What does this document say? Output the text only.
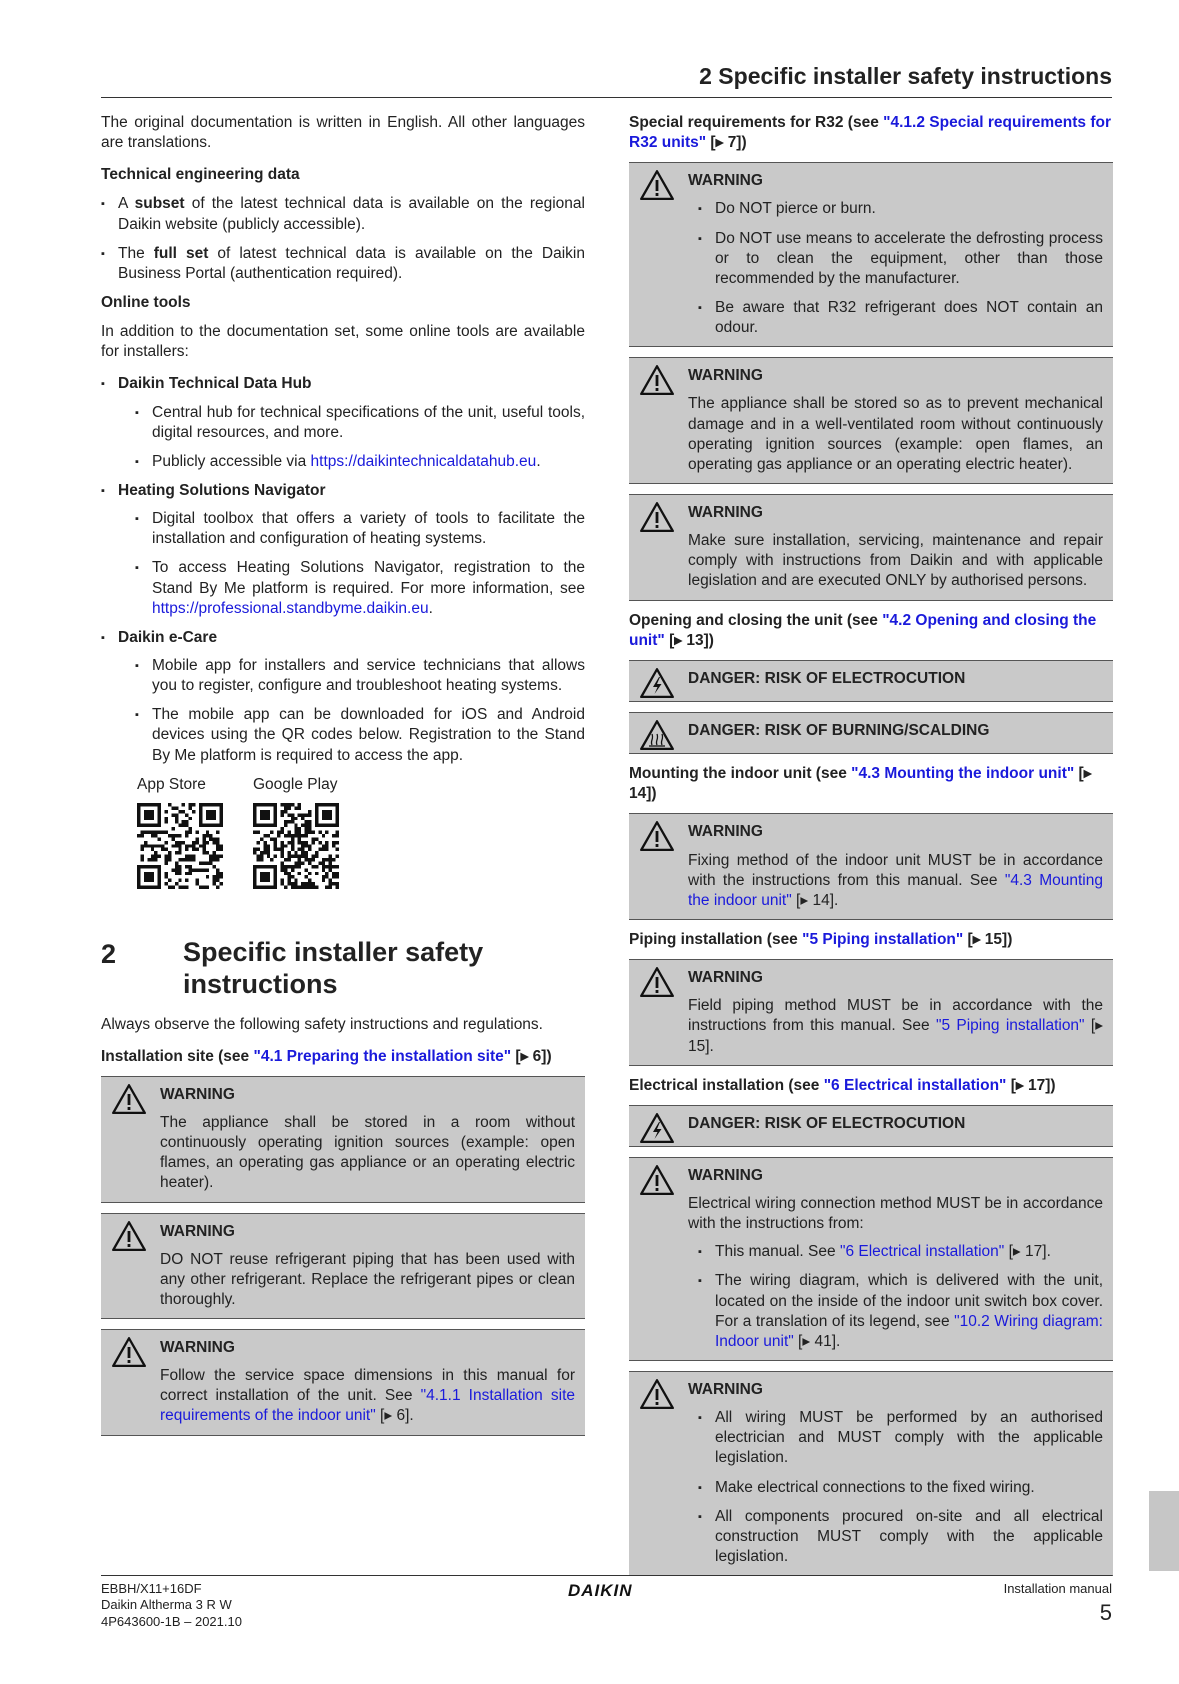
2 Specific installer safety instructions

The original documentation is written in English. All other languages are translations.

Technical engineering data
▪ A subset of the latest technical data is available on the regional Daikin website (publicly accessible).
▪ The full set of latest technical data is available on the Daikin Business Portal (authentication required).
Online tools

In addition to the documentation set, some online tools are available for installers:

▪ Daikin Technical Data Hub
▪ Central hub for technical specifications of the unit, useful tools, digital resources, and more.
▪ Publicly accessible via https://daikintechnicaldatahub.eu.
▪ Heating Solutions Navigator
▪ Digital toolbox that offers a variety of tools to facilitate the installation and configuration of heating systems.
▪ To access Heating Solutions Navigator, registration to the Stand By Me platform is required. For more information, see https://professional.standbyme.daikin.eu.
▪ Daikin e-Care
▪ Mobile app for installers and service technicians that allows you to register, configure and troubleshoot heating systems.
▪ The mobile app can be downloaded for iOS and Android devices using the QR codes below. Registration to the Stand By Me platform is required to access the app.
App Store	Google Play
2	Specific installer safety
instructions

Always observe the following safety instructions and regulations.

Installation site (see "4.1 Preparing the installation site" [▸ 6])
WARNING

The appliance shall be stored in a room without continuously operating ignition sources (example: open flames, an operating gas appliance or an operating electric heater).

WARNING

DO NOT reuse refrigerant piping that has been used with any other refrigerant. Replace the refrigerant pipes or clean thoroughly.

WARNING

Follow the service space dimensions in this manual for correct installation of the unit. See "4.1.1 Installation site requirements of the indoor unit" [▸ 6].

Special requirements for R32 (see "4.1.2 Special requirements for R32 units" [▸ 7])
WARNING
▪ Do NOT pierce or burn.
▪ Do NOT use means to accelerate the defrosting process or to clean the equipment, other than those recommended by the manufacturer.
▪ Be aware that R32 refrigerant does NOT contain an odour.
WARNING

The appliance shall be stored so as to prevent mechanical damage and in a well-ventilated room without continuously operating ignition sources (example: open flames, an operating gas appliance or an operating electric heater).

WARNING

Make sure installation, servicing, maintenance and repair comply with instructions from Daikin and with applicable legislation and are executed ONLY by authorised persons.

Opening and closing the unit (see "4.2 Opening and closing the unit" [▸ 13])
DANGER: RISK OF ELECTROCUTION
DANGER: RISK OF BURNING/SCALDING
Mounting the indoor unit (see "4.3 Mounting the indoor unit" [▸ 14])
WARNING

Fixing method of the indoor unit MUST be in accordance with the instructions from this manual. See "4.3 Mounting the indoor unit" [▸ 14].

Piping installation (see "5 Piping installation" [▸ 15])
WARNING

Field piping method MUST be in accordance with the instructions from this manual. See "5 Piping installation" [▸ 15].

Electrical installation (see "6 Electrical installation" [▸ 17])
DANGER: RISK OF ELECTROCUTION
WARNING

Electrical wiring connection method MUST be in accordance with the instructions from:

▪ This manual. See "6 Electrical installation" [▸ 17].
▪ The wiring diagram, which is delivered with the unit, located on the inside of the indoor unit switch box cover. For a translation of its legend, see "10.2 Wiring diagram: Indoor unit" [▸ 41].
WARNING
▪ All wiring MUST be performed by an authorised electrician and MUST comply with the applicable legislation.
▪ Make electrical connections to the fixed wiring.
▪ All components procured on-site and all electrical construction MUST comply with the applicable legislation.
EBBH/X11+16DF
Daikin Altherma 3 R W
4P643600-1B – 2021.10
DAIKIN	Installation manual
5
